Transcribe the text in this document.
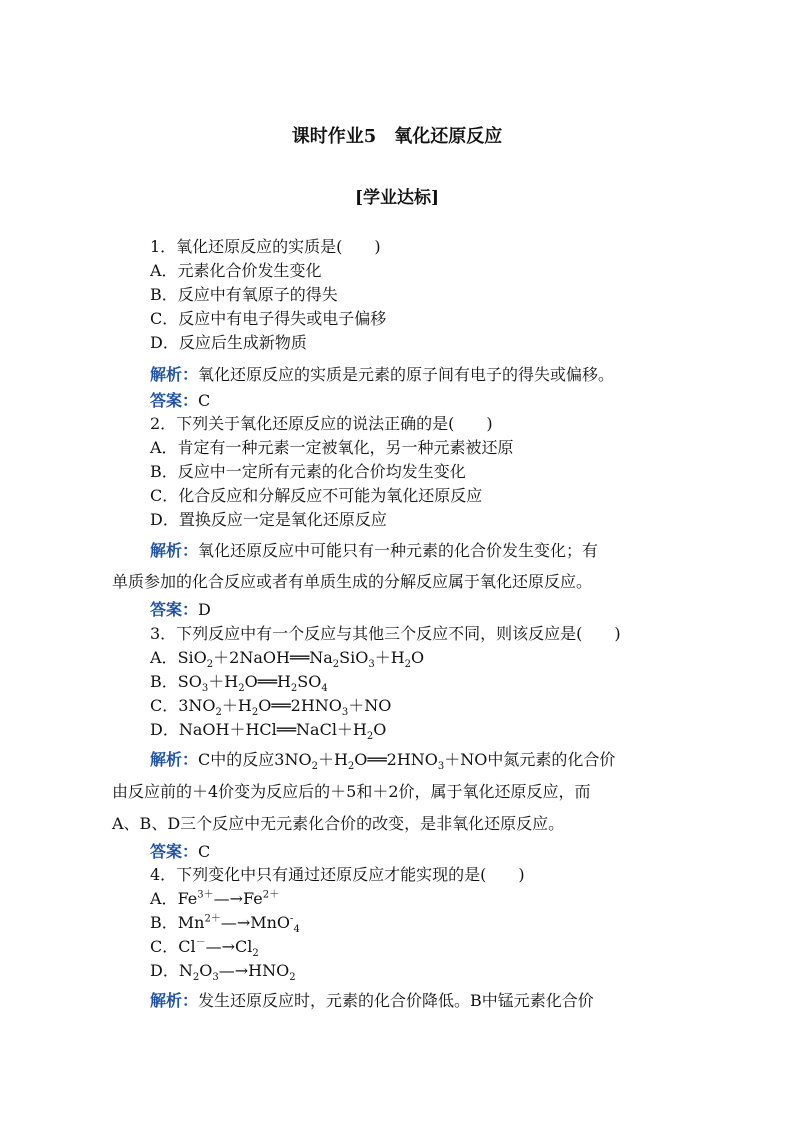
课时作业5　氧化还原反应
[学业达标]
1．氧化还原反应的实质是(　　)
A．元素化合价发生变化
B．反应中有氧原子的得失
C．反应中有电子得失或电子偏移
D．反应后生成新物质
解析：氧化还原反应的实质是元素的原子间有电子的得失或偏移。
答案：C
2．下列关于氧化还原反应的说法正确的是(　　)
A．肯定有一种元素一定被氧化，另一种元素被还原
B．反应中一定所有元素的化合价均发生变化
C．化合反应和分解反应不可能为氧化还原反应
D．置换反应一定是氧化还原反应
解析：氧化还原反应中可能只有一种元素的化合价发生变化；有
单质参加的化合反应或者有单质生成的分解反应属于氧化还原反应。
答案：D
3．下列反应中有一个反应与其他三个反应不同，则该反应是(　　)
A．$SiO_2+2NaOH══Na_2SiO_3+H_2O$
B．$SO_3+H_2O══H_2SO_4$
C．$3NO_2+H_2O══2HNO_3+NO$
D．$NaOH+HCl══NaCl+H_2O$
解析：C中的反应$3NO_2+H_2O══2HNO_3+NO$中氮元素的化合价
由反应前的＋4价变为反应后的＋5和＋2价，属于氧化还原反应，而
A、B、D三个反应中无元素化合价的改变，是非氧化还原反应。
答案：C
4．下列变化中只有通过还原反应才能实现的是(　　)
A．$Fe^{3+}—\to Fe^{2+}$
B．$Mn^{2+}—\to MnO^-_4$
C．$Cl^-—\to Cl_2$
D．$N_2O_3—\to HNO_2$
解析：发生还原反应时，元素的化合价降低。B中锰元素化合价
